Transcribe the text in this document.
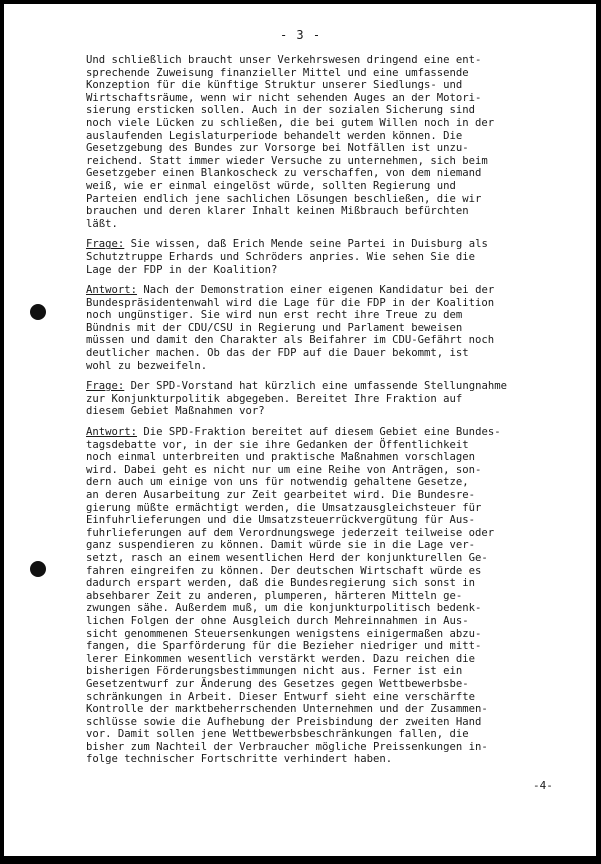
- 3 -
Und schließlich braucht unser Verkehrswesen dringend eine ent-
sprechende Zuweisung finanzieller Mittel und eine umfassende
Konzeption für die künftige Struktur unserer Siedlungs- und
Wirtschaftsräume, wenn wir nicht sehenden Auges an der Motori-
sierung ersticken sollen. Auch in der sozialen Sicherung sind
noch viele Lücken zu schließen, die bei gutem Willen noch in der
auslaufenden Legislaturperiode behandelt werden können. Die
Gesetzgebung des Bundes zur Vorsorge bei Notfällen ist unzu-
reichend. Statt immer wieder Versuche zu unternehmen, sich beim
Gesetzgeber einen Blankoscheck zu verschaffen, von dem niemand
weiß, wie er einmal eingelöst würde, sollten Regierung und
Parteien endlich jene sachlichen Lösungen beschließen, die wir
brauchen und deren klarer Inhalt keinen Mißbrauch befürchten
läßt.
Frage: Sie wissen, daß Erich Mende seine Partei in Duisburg als
Schutztruppe Erhards und Schröders anpries. Wie sehen Sie die
Lage der FDP in der Koalition?
Antwort: Nach der Demonstration einer eigenen Kandidatur bei der
Bundespräsidentenwahl wird die Lage für die FDP in der Koalition
noch ungünstiger. Sie wird nun erst recht ihre Treue zu dem
Bündnis mit der CDU/CSU in Regierung und Parlament beweisen
müssen und damit den Charakter als Beifahrer im CDU-Gefährt noch
deutlicher machen. Ob das der FDP auf die Dauer bekommt, ist
wohl zu bezweifeln.
Frage: Der SPD-Vorstand hat kürzlich eine umfassende Stellungnahme
zur Konjunkturpolitik abgegeben. Bereitet Ihre Fraktion auf
diesem Gebiet Maßnahmen vor?
Antwort: Die SPD-Fraktion bereitet auf diesem Gebiet eine Bundes-
tagsdebatte vor, in der sie ihre Gedanken der Öffentlichkeit
noch einmal unterbreiten und praktische Maßnahmen vorschlagen
wird. Dabei geht es nicht nur um eine Reihe von Anträgen, son-
dern auch um einige von uns für notwendig gehaltene Gesetze,
an deren Ausarbeitung zur Zeit gearbeitet wird. Die Bundesre-
gierung müßte ermächtigt werden, die Umsatzausgleichsteuer für
Einfuhrlieferungen und die Umsatzsteuerrückvergütung für Aus-
fuhrlieferungen auf dem Verordnungswege jederzeit teilweise oder
ganz suspendieren zu können. Damit würde sie in die Lage ver-
setzt, rasch an einem wesentlichen Herd der konjunkturellen Ge-
fahren eingreifen zu können. Der deutschen Wirtschaft würde es
dadurch erspart werden, daß die Bundesregierung sich sonst in
absehbarer Zeit zu anderen, plumperen, härteren Mitteln ge-
zwungen sähe. Außerdem muß, um die konjunkturpolitisch bedenk-
lichen Folgen der ohne Ausgleich durch Mehreinnahmen in Aus-
sicht genommenen Steuersenkungen wenigstens einigermaßen abzu-
fangen, die Sparförderung für die Bezieher niedriger und mitt-
lerer Einkommen wesentlich verstärkt werden. Dazu reichen die
bisherigen Förderungsbestimmungen nicht aus. Ferner ist ein
Gesetzentwurf zur Änderung des Gesetzes gegen Wettbewerbsbe-
schränkungen in Arbeit. Dieser Entwurf sieht eine verschärfte
Kontrolle der marktbeherrschenden Unternehmen und der Zusammen-
schlüsse sowie die Aufhebung der Preisbindung der zweiten Hand
vor. Damit sollen jene Wettbewerbsbeschränkungen fallen, die
bisher zum Nachteil der Verbraucher mögliche Preissenkungen in-
folge technischer Fortschritte verhindert haben.
-4-
